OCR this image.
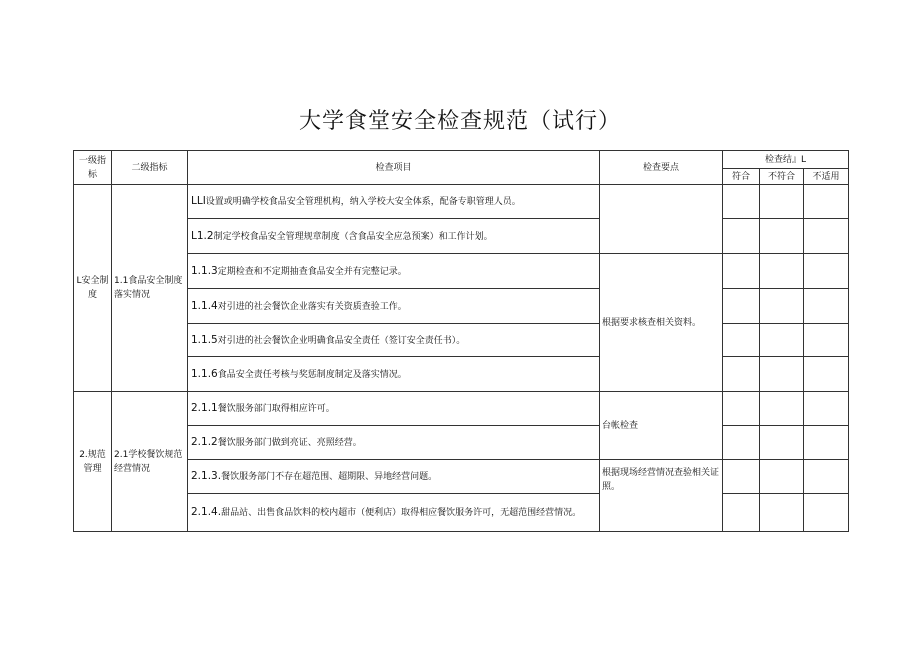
大学食堂安全检查规范（试行）
一级指标	二级指标	检查项目	检查要点	检查结』L		
				符合	不符合	不适用
L安全制度	1.1食品安全制度落实情况	LLI设置或明确学校食品安全管理机构，纳入学校大安全体系，配备专职管理人员。				
		L1.2制定学校食品安全管理规章制度（含食品安全应急预案）和工作计划。				
		1.1.3定期检查和不定期抽查食品安全并有完整记录。	根据要求核查相关资料。			
		1.1.4对引进的社会餐饮企业落实有关资质查验工作。				
		1.1.5对引进的社会餐饮企业明确食品安全责任（签订安全责任书）。				
		1.1.6食品安全责任考核与奖惩制度制定及落实情况。				
2.规范管理	2.1学校餐饮规范经营情况	2.1.1餐饮服务部门取得相应许可。	台帐检查			
		2.1.2餐饮服务部门做到亮证、亮照经营。				
		2.1.3.餐饮服务部门不存在超范围、超期限、异地经营问题。	根据现场经营情况查验相关证照。			
		2.1.4.甜品站、出售食品饮料的校内超市（便利店）取得相应餐饮服务许可，无超范围经营情况。				
